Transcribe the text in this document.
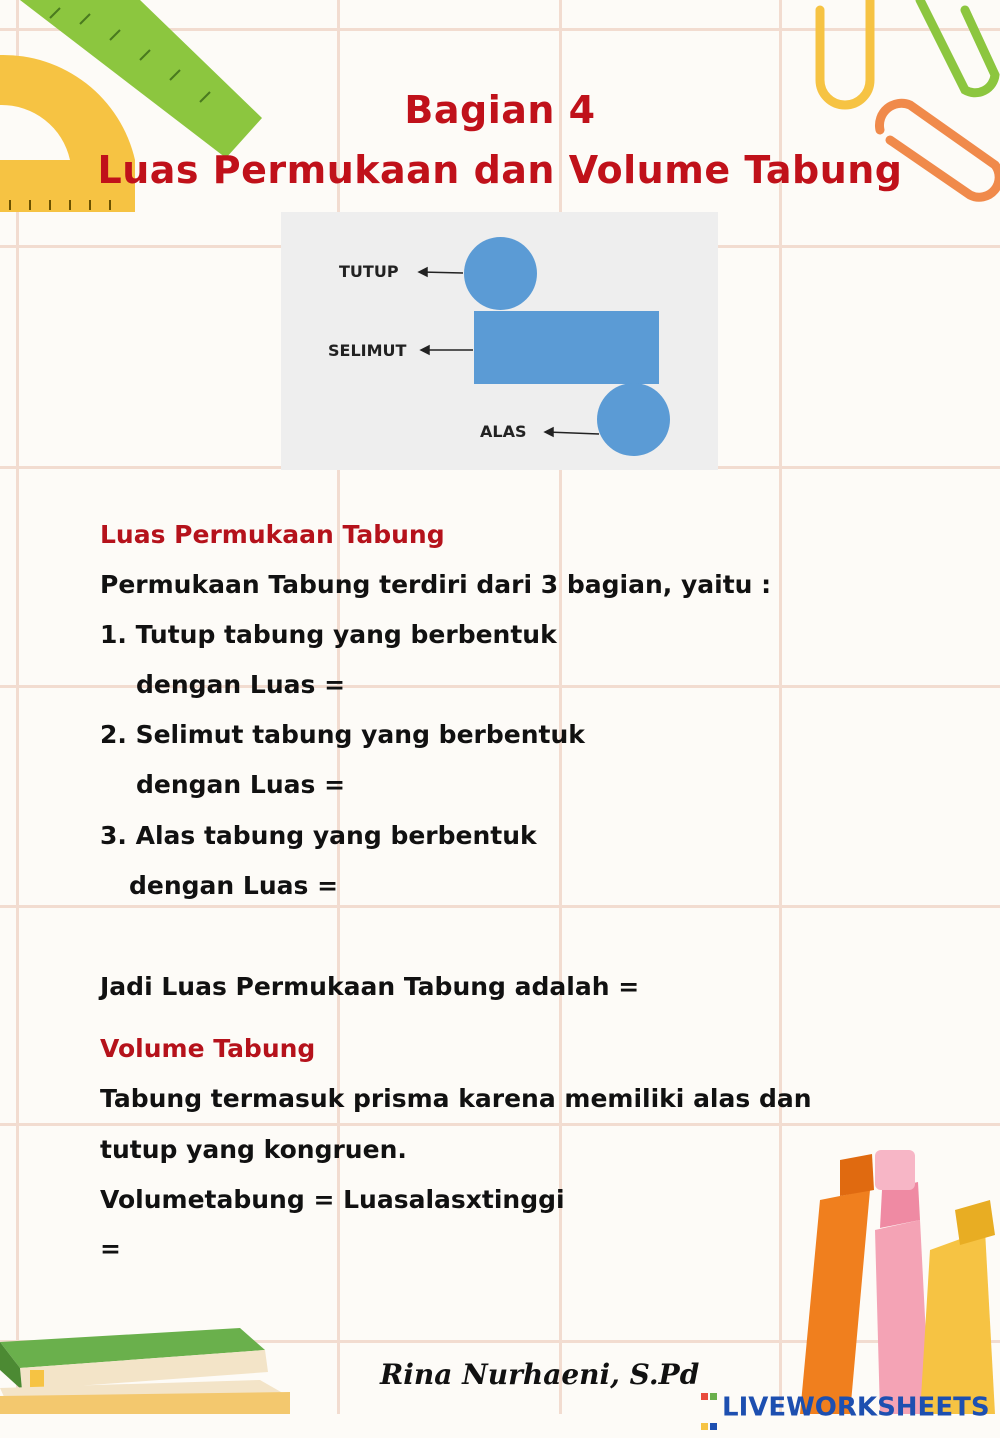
Bagian 4
Luas Permukaan dan Volume Tabung
TUTUP
SELIMUT
ALAS
Luas Permukaan Tabung
Permukaan Tabung terdiri dari 3 bagian, yaitu :
1. Tutup tabung yang berbentuk
dengan Luas =
2. Selimut tabung yang berbentuk
dengan Luas =
3. Alas tabung yang berbentuk
dengan Luas =
Jadi Luas Permukaan Tabung adalah =
Volume Tabung
Tabung termasuk prisma karena memiliki alas dan
tutup yang kongruen.
Volumetabung = Luasalasxtinggi
=
Rina Nurhaeni, S.Pd

LIVEWORKSHEETS
